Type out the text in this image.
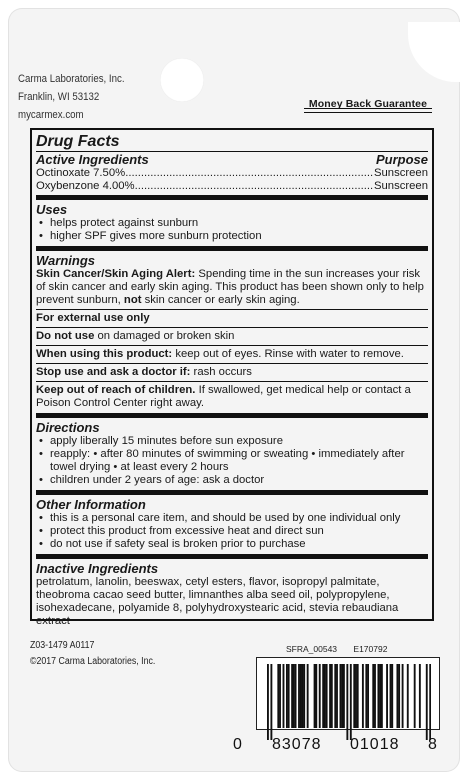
Carma Laboratories, Inc.
Franklin, WI 53132
mycarmex.com
Money Back Guarantee
Drug Facts
Active Ingredients	Purpose
Octinoxate 7.50% .....	Sunscreen
Oxybenzone 4.00% .....	Sunscreen
Uses
• helps protect against sunburn
• higher SPF gives more sunburn protection
Warnings
Skin Cancer/Skin Aging Alert: Spending time in the sun increases your risk of skin cancer and early skin aging. This product has been shown only to help prevent sunburn, not skin cancer or early skin aging.
For external use only
Do not use on damaged or broken skin
When using this product: keep out of eyes. Rinse with water to remove.
Stop use and ask a doctor if: rash occurs
Keep out of reach of children. If swallowed, get medical help or contact a Poison Control Center right away.
Directions
• apply liberally 15 minutes before sun exposure
• reapply: • after 80 minutes of swimming or sweating • immediately after towel drying • at least every 2 hours
• children under 2 years of age: ask a doctor
Other Information
• this is a personal care item, and should be used by one individual only
• protect this product from excessive heat and direct sun
• do not use if safety seal is broken prior to purchase
Inactive Ingredients
petrolatum, lanolin, beeswax, cetyl esters, flavor, isopropyl palmitate, theobroma cacao seed butter, limnanthes alba seed oil, polypropylene, isohexadecane, polyamide 8, polyhydroxystearic acid, stevia rebaudiana extract
Z03-1479 A0117
©2017 Carma Laboratories, Inc.
SFRA_00543 E170792
0 83078 01018 8
